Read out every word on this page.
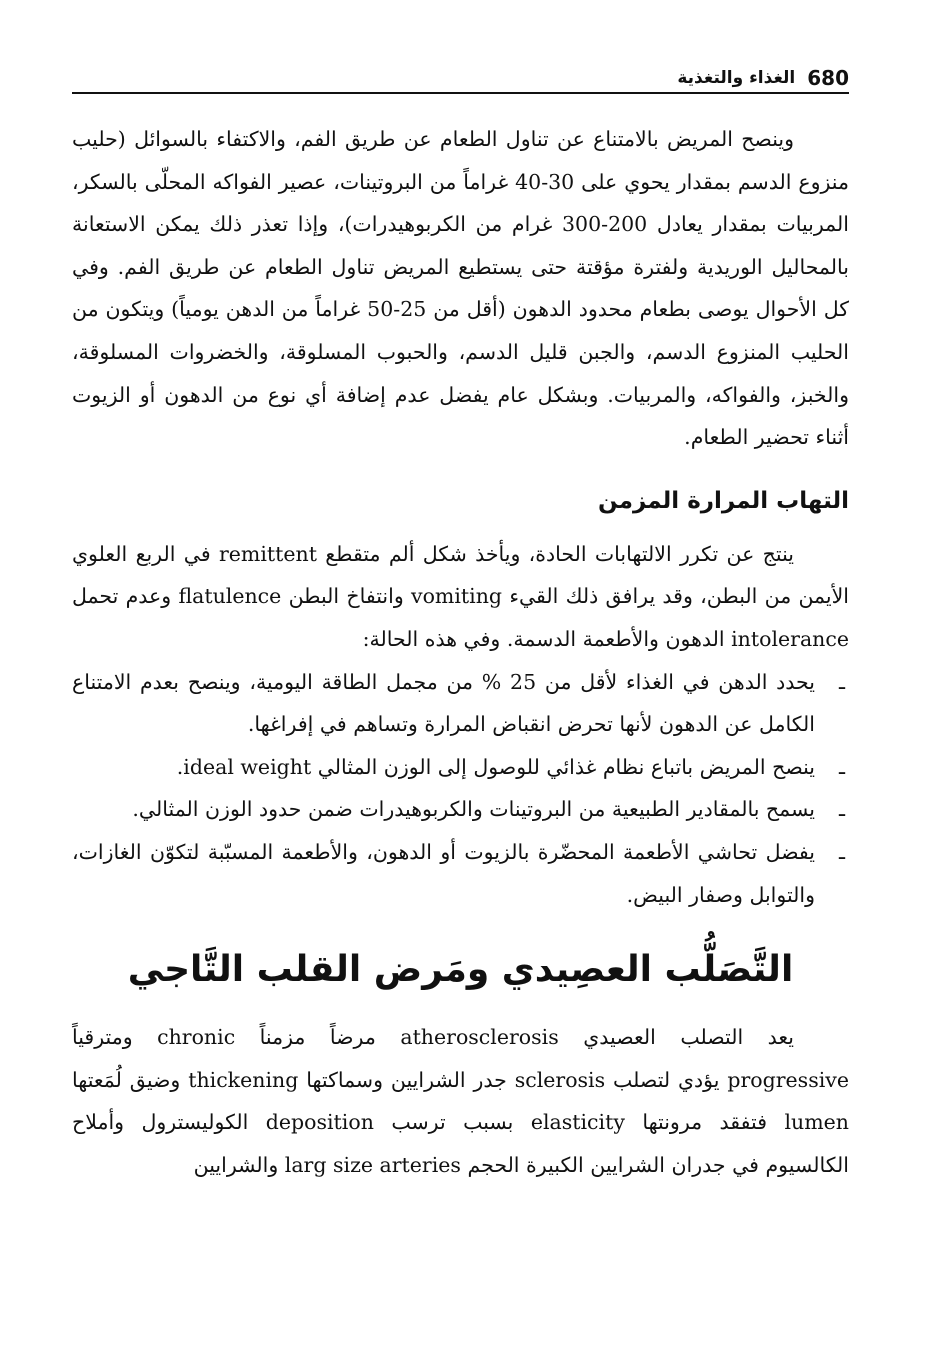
680
الغذاء والتغذية

وينصح المريض بالامتناع عن تناول الطعام عن طريق الفم، والاكتفاء بالسوائل (حليب منزوع الدسم بمقدار يحوي على 30-40 غراماً من البروتينات، عصير الفواكه المحلّى بالسكر، المربيات بمقدار يعادل 200-300 غرام من الكربوهيدرات)، وإذا تعذر ذلك يمكن الاستعانة بالمحاليل الوريدية ولفترة مؤقتة حتى يستطيع المريض تناول الطعام عن طريق الفم. وفي كل الأحوال يوصى بطعام محدود الدهون (أقل من 25-50 غراماً من الدهن يومياً) ويتكون من الحليب المنزوع الدسم، والجبن قليل الدسم، والحبوب المسلوقة، والخضروات المسلوقة، والخبز، والفواكه، والمربيات. وبشكل عام يفضل عدم إضافة أي نوع من الدهون أو الزيوت أثناء تحضير الطعام.

التهاب المرارة المزمن

ينتج عن تكرر الالتهابات الحادة، ويأخذ شكل ألم متقطع remittent في الربع العلوي الأيمن من البطن، وقد يرافق ذلك القيء vomiting وانتفاخ البطن flatulence وعدم تحمل intolerance الدهون والأطعمة الدسمة. وفي هذه الحالة:

ـ
يحدد الدهن في الغذاء لأقل من 25 % من مجمل الطاقة اليومية، وينصح بعدم الامتناع الكامل عن الدهون لأنها تحرض انقباض المرارة وتساهم في إفراغها.
ـ
ينصح المريض باتباع نظام غذائي للوصول إلى الوزن المثالي ideal weight.
ـ
يسمح بالمقادير الطبيعية من البروتينات والكربوهيدرات ضمن حدود الوزن المثالي.
ـ
يفضل تحاشي الأطعمة المحضّرة بالزيوت أو الدهون، والأطعمة المسبّبة لتكوّن الغازات، والتوابل وصفار البيض.
التَّصَلُّب العصِيدي ومَرض القلب التَّاجي

يعد التصلب العصيدي atherosclerosis مرضاً مزمناً chronic ومترقياً progressive يؤدي لتصلب sclerosis جدر الشرايين وسماكتها thickening وضيق لُمَعتها lumen فتفقد مرونتها elasticity بسبب ترسب deposition الكوليسترول وأملاح الكالسيوم في جدران الشرايين الكبيرة الحجم larg size arteries والشرايين
